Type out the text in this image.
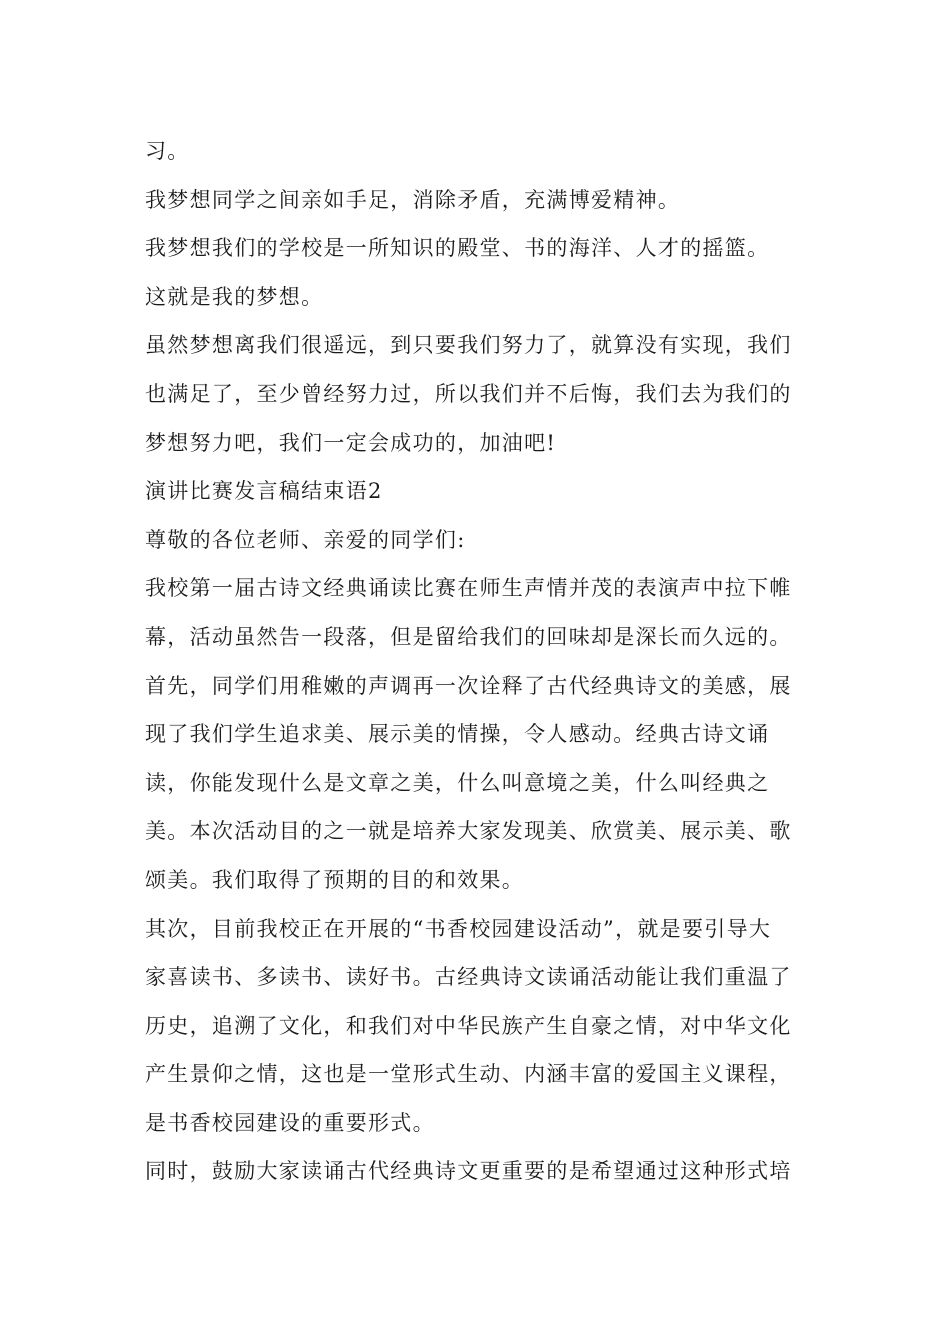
习。
我梦想同学之间亲如手足，消除矛盾，充满博爱精神。
我梦想我们的学校是一所知识的殿堂、书的海洋、人才的摇篮。
这就是我的梦想。
虽然梦想离我们很遥远，到只要我们努力了，就算没有实现，我们
也满足了，至少曾经努力过，所以我们并不后悔，我们去为我们的
梦想努力吧，我们一定会成功的，加油吧!
演讲比赛发言稿结束语2
尊敬的各位老师、亲爱的同学们:
我校第一届古诗文经典诵读比赛在师生声情并茂的表演声中拉下帷
幕，活动虽然告一段落，但是留给我们的回味却是深长而久远的。
首先，同学们用稚嫩的声调再一次诠释了古代经典诗文的美感，展
现了我们学生追求美、展示美的情操，令人感动。经典古诗文诵
读，你能发现什么是文章之美，什么叫意境之美，什么叫经典之
美。本次活动目的之一就是培养大家发现美、欣赏美、展示美、歌
颂美。我们取得了预期的目的和效果。
其次，目前我校正在开展的“书香校园建设活动”，就是要引导大
家喜读书、多读书、读好书。古经典诗文读诵活动能让我们重温了
历史，追溯了文化，和我们对中华民族产生自豪之情，对中华文化
产生景仰之情，这也是一堂形式生动、内涵丰富的爱国主义课程，
是书香校园建设的重要形式。
同时，鼓励大家读诵古代经典诗文更重要的是希望通过这种形式培
